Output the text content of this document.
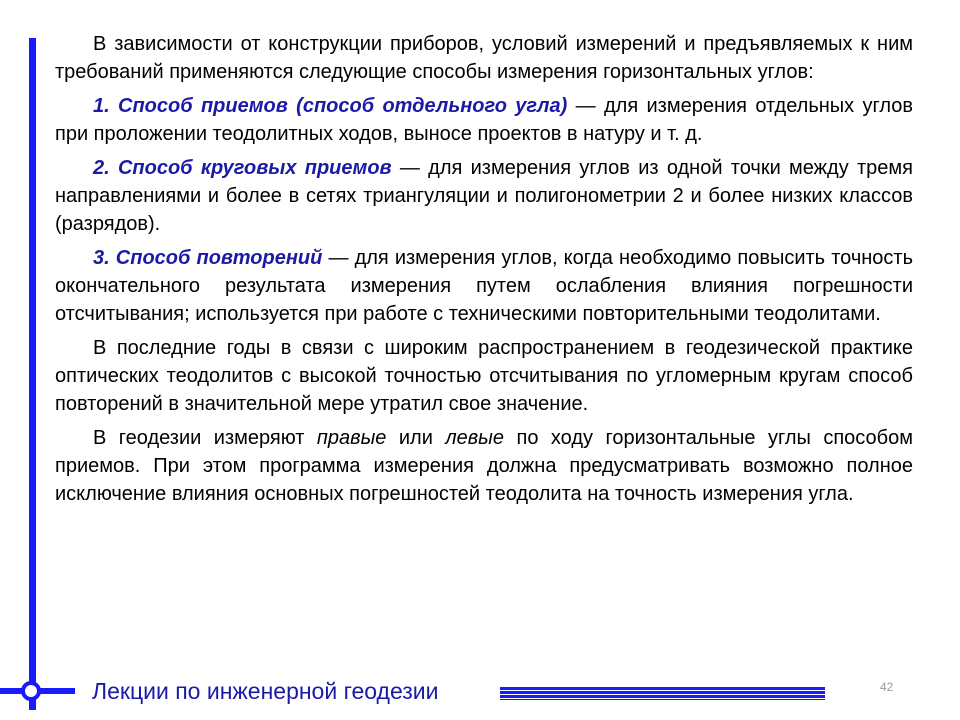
В зависимости от конструкции приборов, условий измерений и предъявляемых к ним требований применяются следующие способы измерения горизонтальных углов:

1. Способ приемов (способ отдельного угла) — для измерения отдельных углов при проложении теодолитных ходов, выносе проектов в натуру и т. д.

2. Способ круговых приемов — для измерения углов из одной точки между тремя направлениями и более в сетях триангуляции и полигонометрии 2 и более низких классов (разрядов).

3. Способ повторений — для измерения углов, когда необходимо повысить точность окончательного результата измерения путем ослабления влияния погрешности отсчитывания; используется при работе с техническими повторительными теодолитами.

В последние годы в связи с широким распространением в геодезической практике оптических теодолитов с высокой точностью отсчитывания по угломерным кругам способ повторений в значительной мере утратил свое значение.

В геодезии измеряют правые или левые по ходу горизонтальные углы способом приемов. При этом программа измерения должна предусматривать возможно полное исключение влияния основных погрешностей теодолита на точность измерения угла.

Лекции по инженерной геодезии	42
